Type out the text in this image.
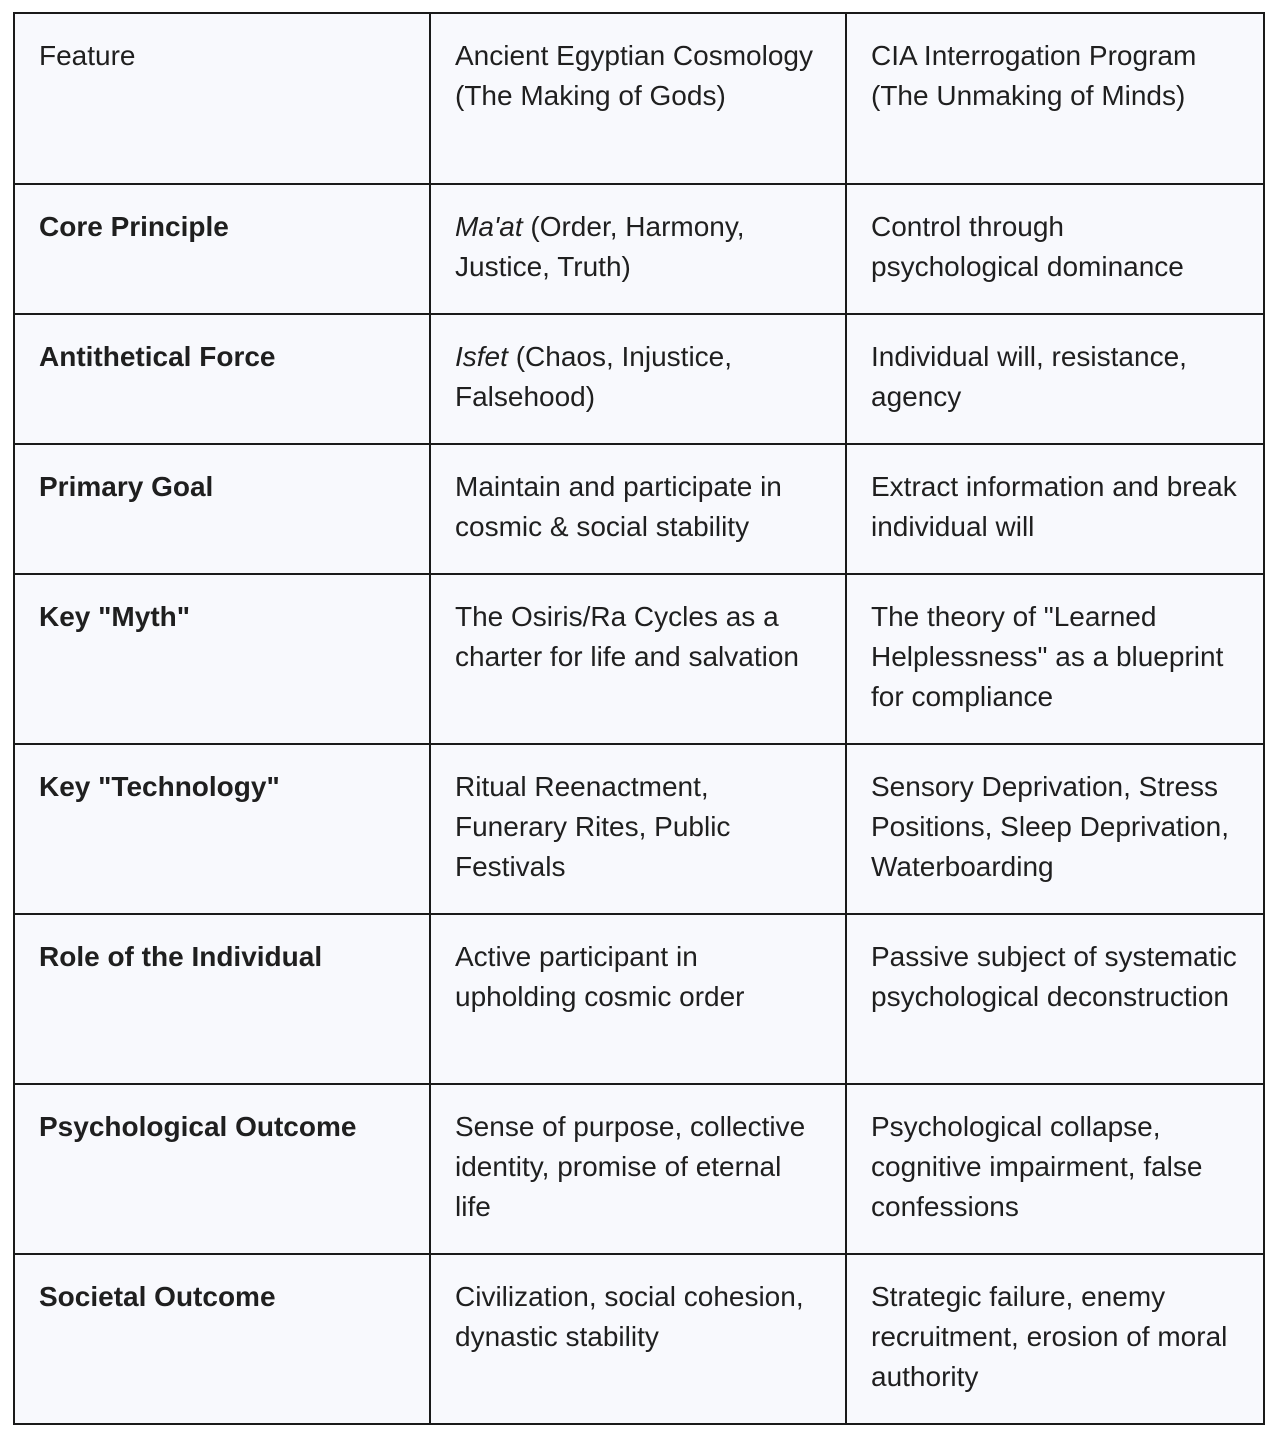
Feature	Ancient Egyptian Cosmology (The Making of Gods)	CIA Interrogation Program (The Unmaking of Minds)
Core Principle	Ma'at (Order, Harmony, Justice, Truth)	Control through psychological dominance
Antithetical Force	Isfet (Chaos, Injustice, Falsehood)	Individual will, resistance, agency
Primary Goal	Maintain and participate in cosmic & social stability	Extract information and break individual will
Key "Myth"	The Osiris/Ra Cycles as a charter for life and salvation	The theory of "Learned Helplessness" as a blueprint for compliance
Key "Technology"	Ritual Reenactment, Funerary Rites, Public Festivals	Sensory Deprivation, Stress Positions, Sleep Deprivation, Waterboarding
Role of the Individual	Active participant in upholding cosmic order	Passive subject of systematic psychological deconstruction
Psychological Outcome	Sense of purpose, collective identity, promise of eternal life	Psychological collapse, cognitive impairment, false confessions
Societal Outcome	Civilization, social cohesion, dynastic stability	Strategic failure, enemy recruitment, erosion of moral authority
